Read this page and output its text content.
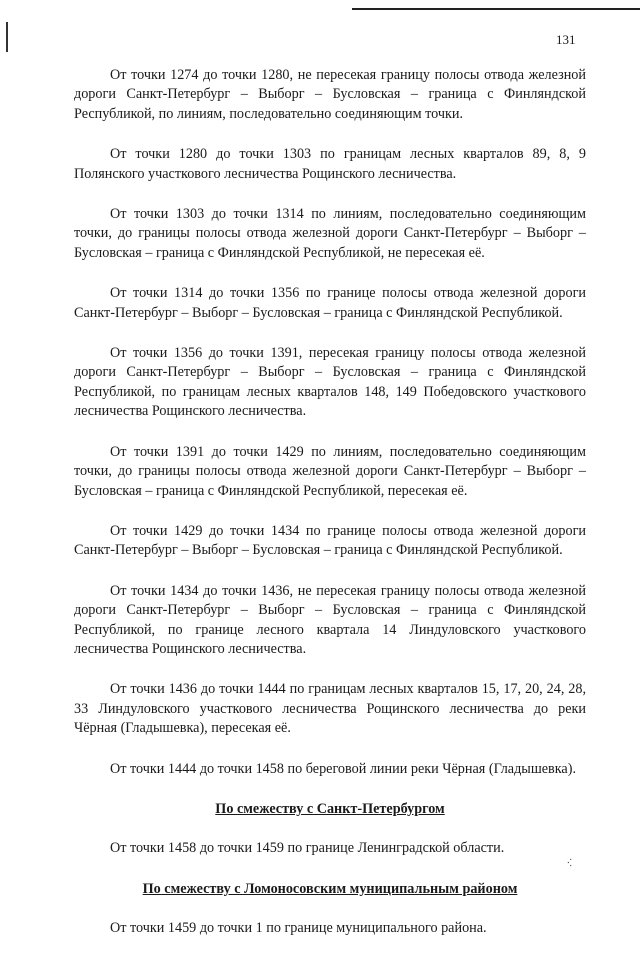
131

От точки 1274 до точки 1280, не пересекая границу полосы отвода железной дороги Санкт-Петербург – Выборг – Бусловская – граница с Финляндской Республикой, по линиям, последовательно соединяющим точки.

От точки 1280 до точки 1303 по границам лесных кварталов 89, 8, 9 Полянского участкового лесничества Рощинского лесничества.

От точки 1303 до точки 1314 по линиям, последовательно соединяющим точки, до границы полосы отвода железной дороги Санкт-Петербург – Выборг – Бусловская – граница с Финляндской Республикой, не пересекая её.

От точки 1314 до точки 1356 по границе полосы отвода железной дороги Санкт-Петербург – Выборг – Бусловская – граница с Финляндской Республикой.

От точки 1356 до точки 1391, пересекая границу полосы отвода железной дороги Санкт-Петербург – Выборг – Бусловская – граница с Финляндской Республикой, по границам лесных кварталов 148, 149 Победовского участкового лесничества Рощинского лесничества.

От точки 1391 до точки 1429 по линиям, последовательно соединяющим точки, до границы полосы отвода железной дороги Санкт-Петербург – Выборг – Бусловская – граница с Финляндской Республикой, пересекая её.

От точки 1429 до точки 1434 по границе полосы отвода железной дороги Санкт-Петербург – Выборг – Бусловская – граница с Финляндской Республикой.

От точки 1434 до точки 1436, не пересекая границу полосы отвода железной дороги Санкт-Петербург – Выборг – Бусловская – граница с Финляндской Республикой, по границе лесного квартала 14 Линдуловского участкового лесничества Рощинского лесничества.

От точки 1436 до точки 1444 по границам лесных кварталов 15, 17, 20, 24, 28, 33 Линдуловского участкового лесничества Рощинского лесничества до реки Чёрная (Гладышевка), пересекая её.

От точки 1444 до точки 1458 по береговой линии реки Чёрная (Гладышевка).

По смежеству с Санкт-Петербургом

От точки 1458 до точки 1459 по границе Ленинградской области.

По смежеству с Ломоносовским муниципальным районом

От точки 1459 до точки 1 по границе муниципального района.

⸱⁚
